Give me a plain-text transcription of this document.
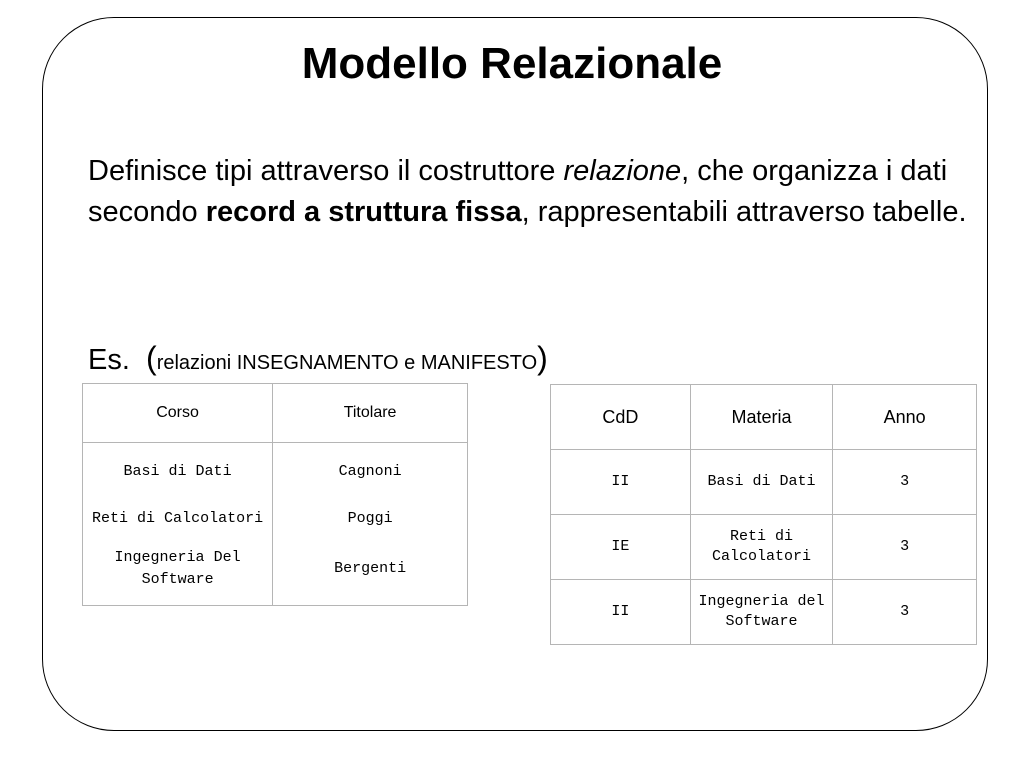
Modello Relazionale

Definisce tipi attraverso il costruttore relazione, che organizza i dati secondo record a struttura fissa, rappresentabili attraverso tabelle.

Es. (relazioni INSEGNAMENTO e MANIFESTO)

Corso	Titolare
Basi di Dati	Cagnoni
Reti di Calcolatori	Poggi
Ingegneria Del Software	Bergenti
CdD	Materia	Anno
II	Basi di Dati	3
IE	Reti di Calcolatori	3
II	Ingegneria del Software	3
